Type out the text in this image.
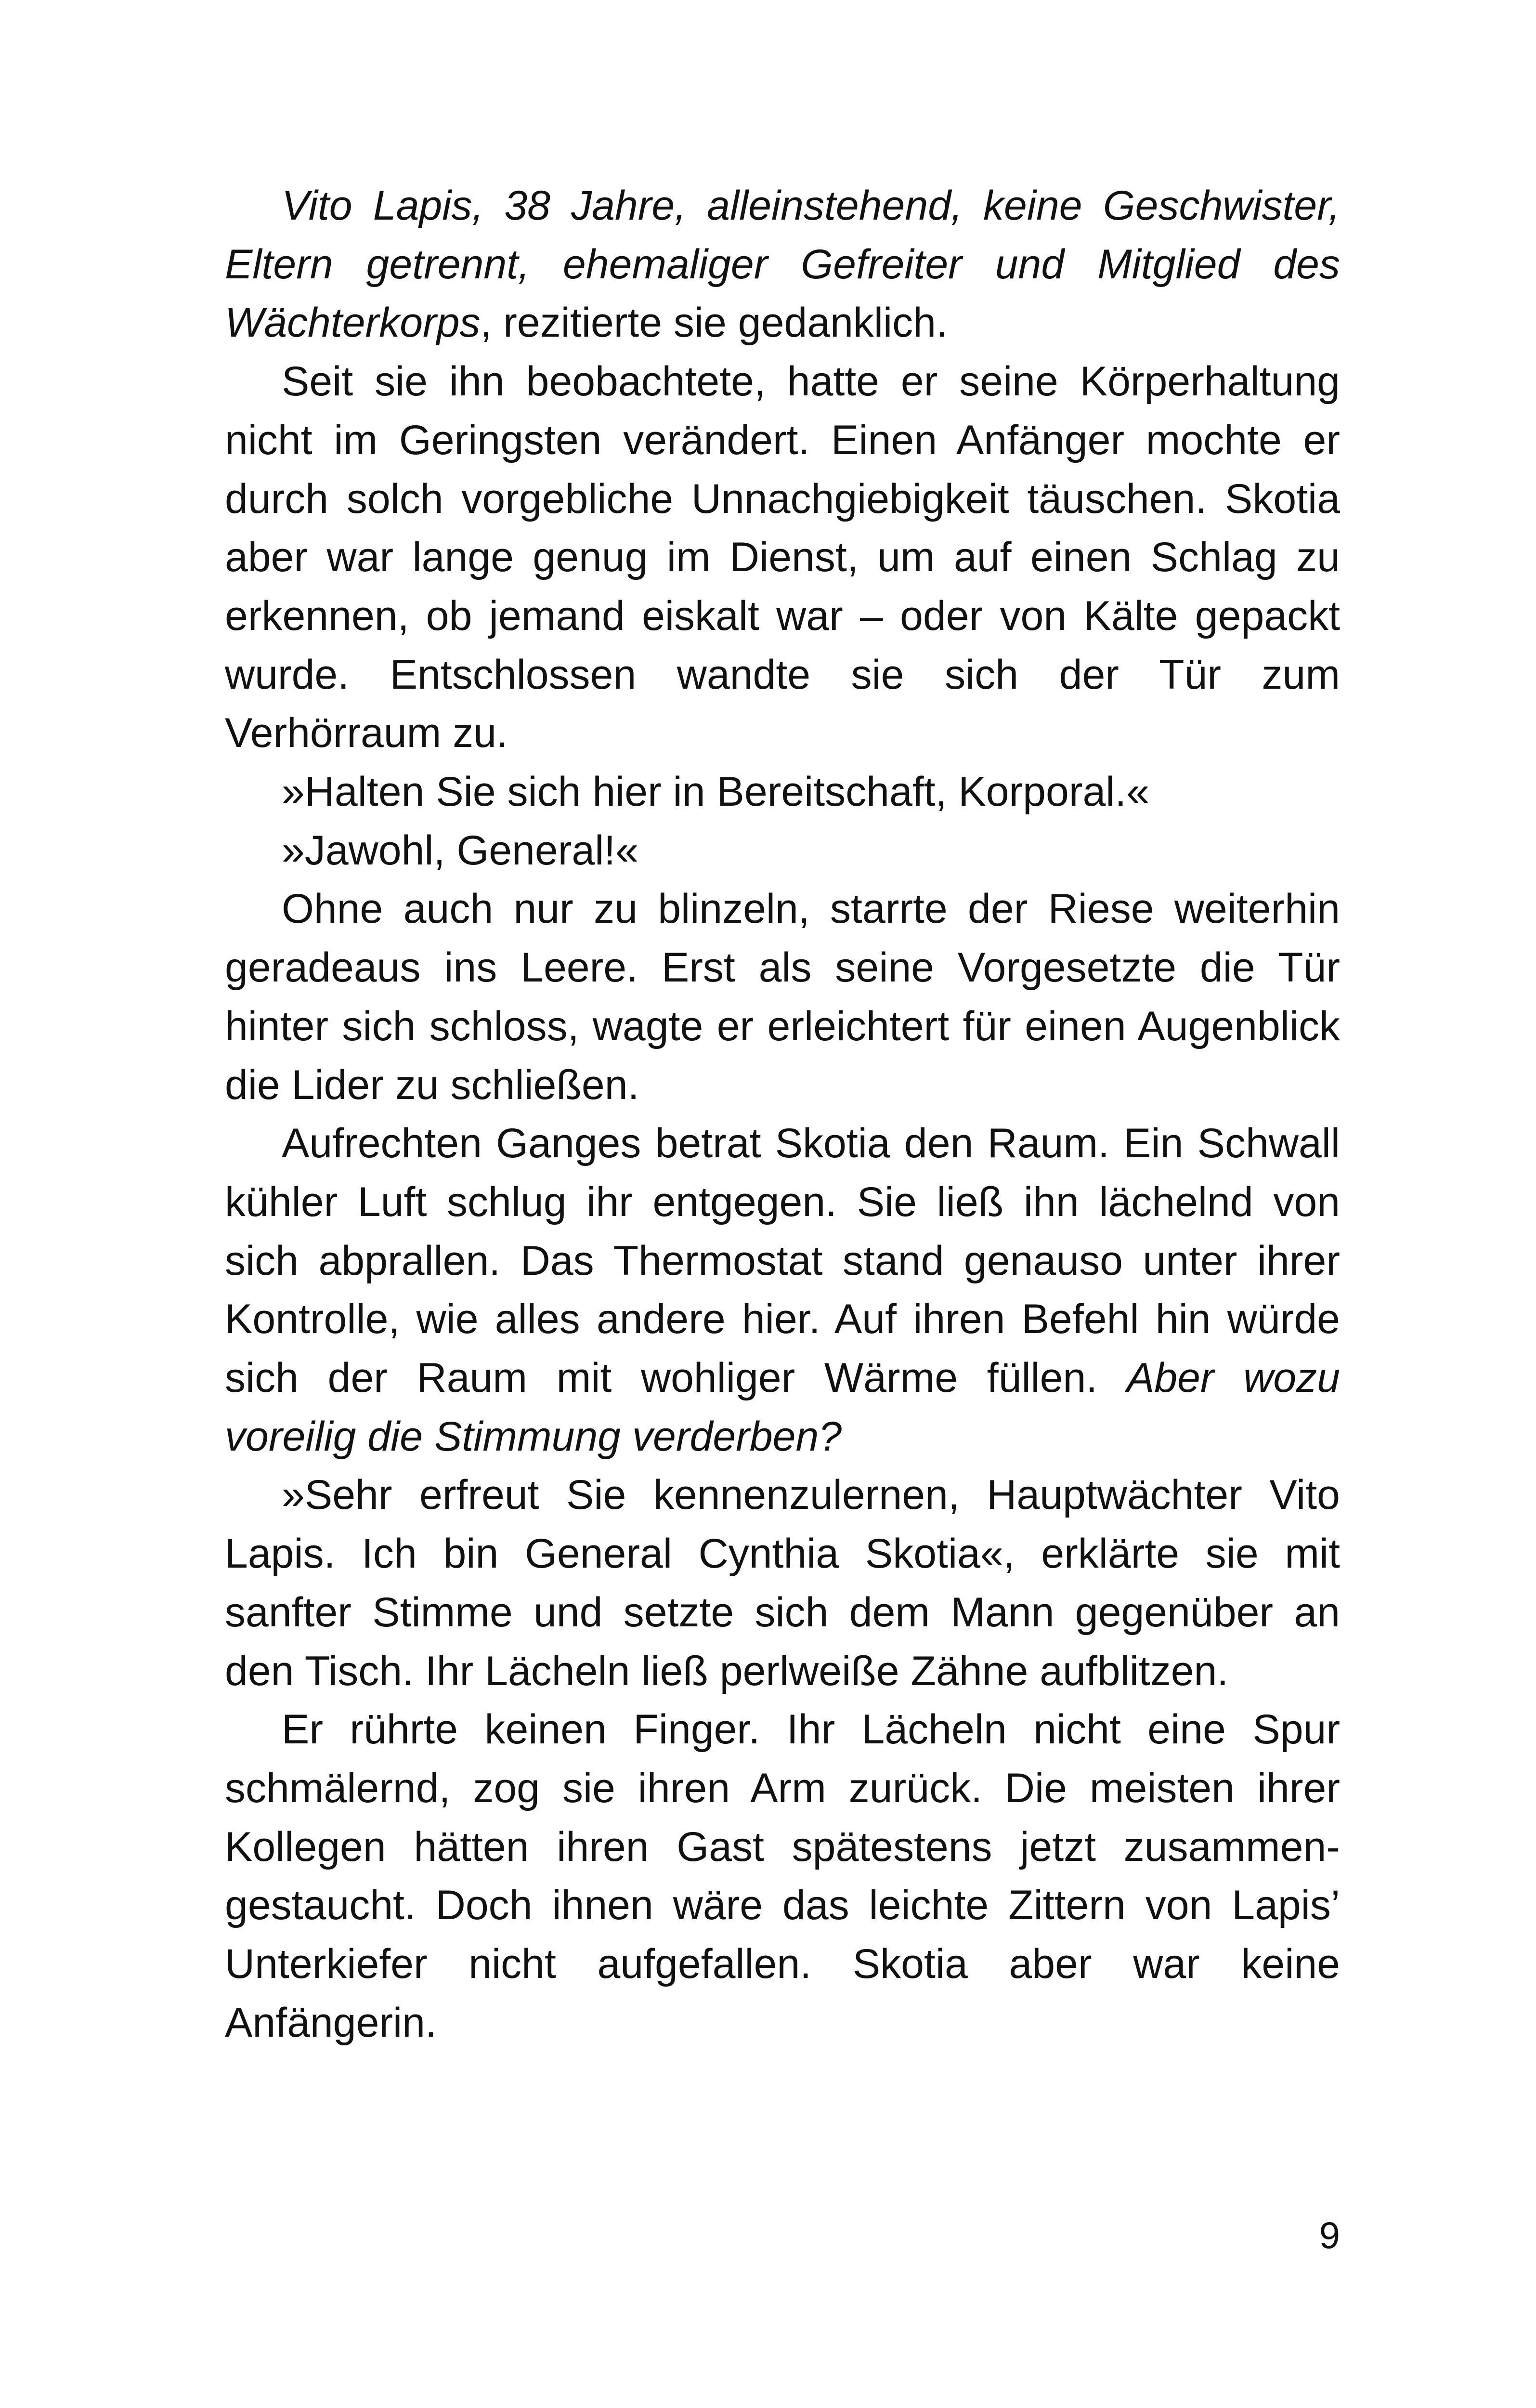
Vito Lapis, 38 Jahre, alleinstehend, keine Geschwister, Eltern getrennt, ehemaliger Gefreiter und Mitglied des Wächterkorps, rezitierte sie gedanklich.

Seit sie ihn beobachtete, hatte er seine Körperhaltung nicht im Geringsten verändert. Einen Anfänger mochte er durch solch vorgebliche Unnachgiebigkeit täuschen. Skotia aber war lange genug im Dienst, um auf einen Schlag zu erkennen, ob jemand eiskalt war – oder von Kälte gepackt wurde. Entschlossen wandte sie sich der Tür zum Verhörraum zu.

»Halten Sie sich hier in Bereitschaft, Korporal.«

»Jawohl, General!«

Ohne auch nur zu blinzeln, starrte der Riese weiterhin geradeaus ins Leere. Erst als seine Vorgesetzte die Tür hinter sich schloss, wagte er erleichtert für einen Augenblick die Lider zu schließen.

Aufrechten Ganges betrat Skotia den Raum. Ein Schwall kühler Luft schlug ihr entgegen. Sie ließ ihn lächelnd von sich abprallen. Das Thermostat stand genauso unter ihrer Kontrolle, wie alles andere hier. Auf ihren Befehl hin würde sich der Raum mit wohliger Wärme füllen. Aber wozu voreilig die Stimmung verderben?

»Sehr erfreut Sie kennenzulernen, Hauptwächter Vito Lapis. Ich bin General Cynthia Skotia«, erklärte sie mit sanfter Stimme und setzte sich dem Mann gegenüber an den Tisch. Ihr Lächeln ließ perlweiße Zähne aufblitzen.

Er rührte keinen Finger. Ihr Lächeln nicht eine Spur schmälernd, zog sie ihren Arm zurück. Die meisten ihrer Kollegen hätten ihren Gast spätestens jetzt zusammengestaucht. Doch ihnen wäre das leichte Zittern von Lapis’ Unterkiefer nicht aufgefallen. Skotia aber war keine Anfängerin.

9
